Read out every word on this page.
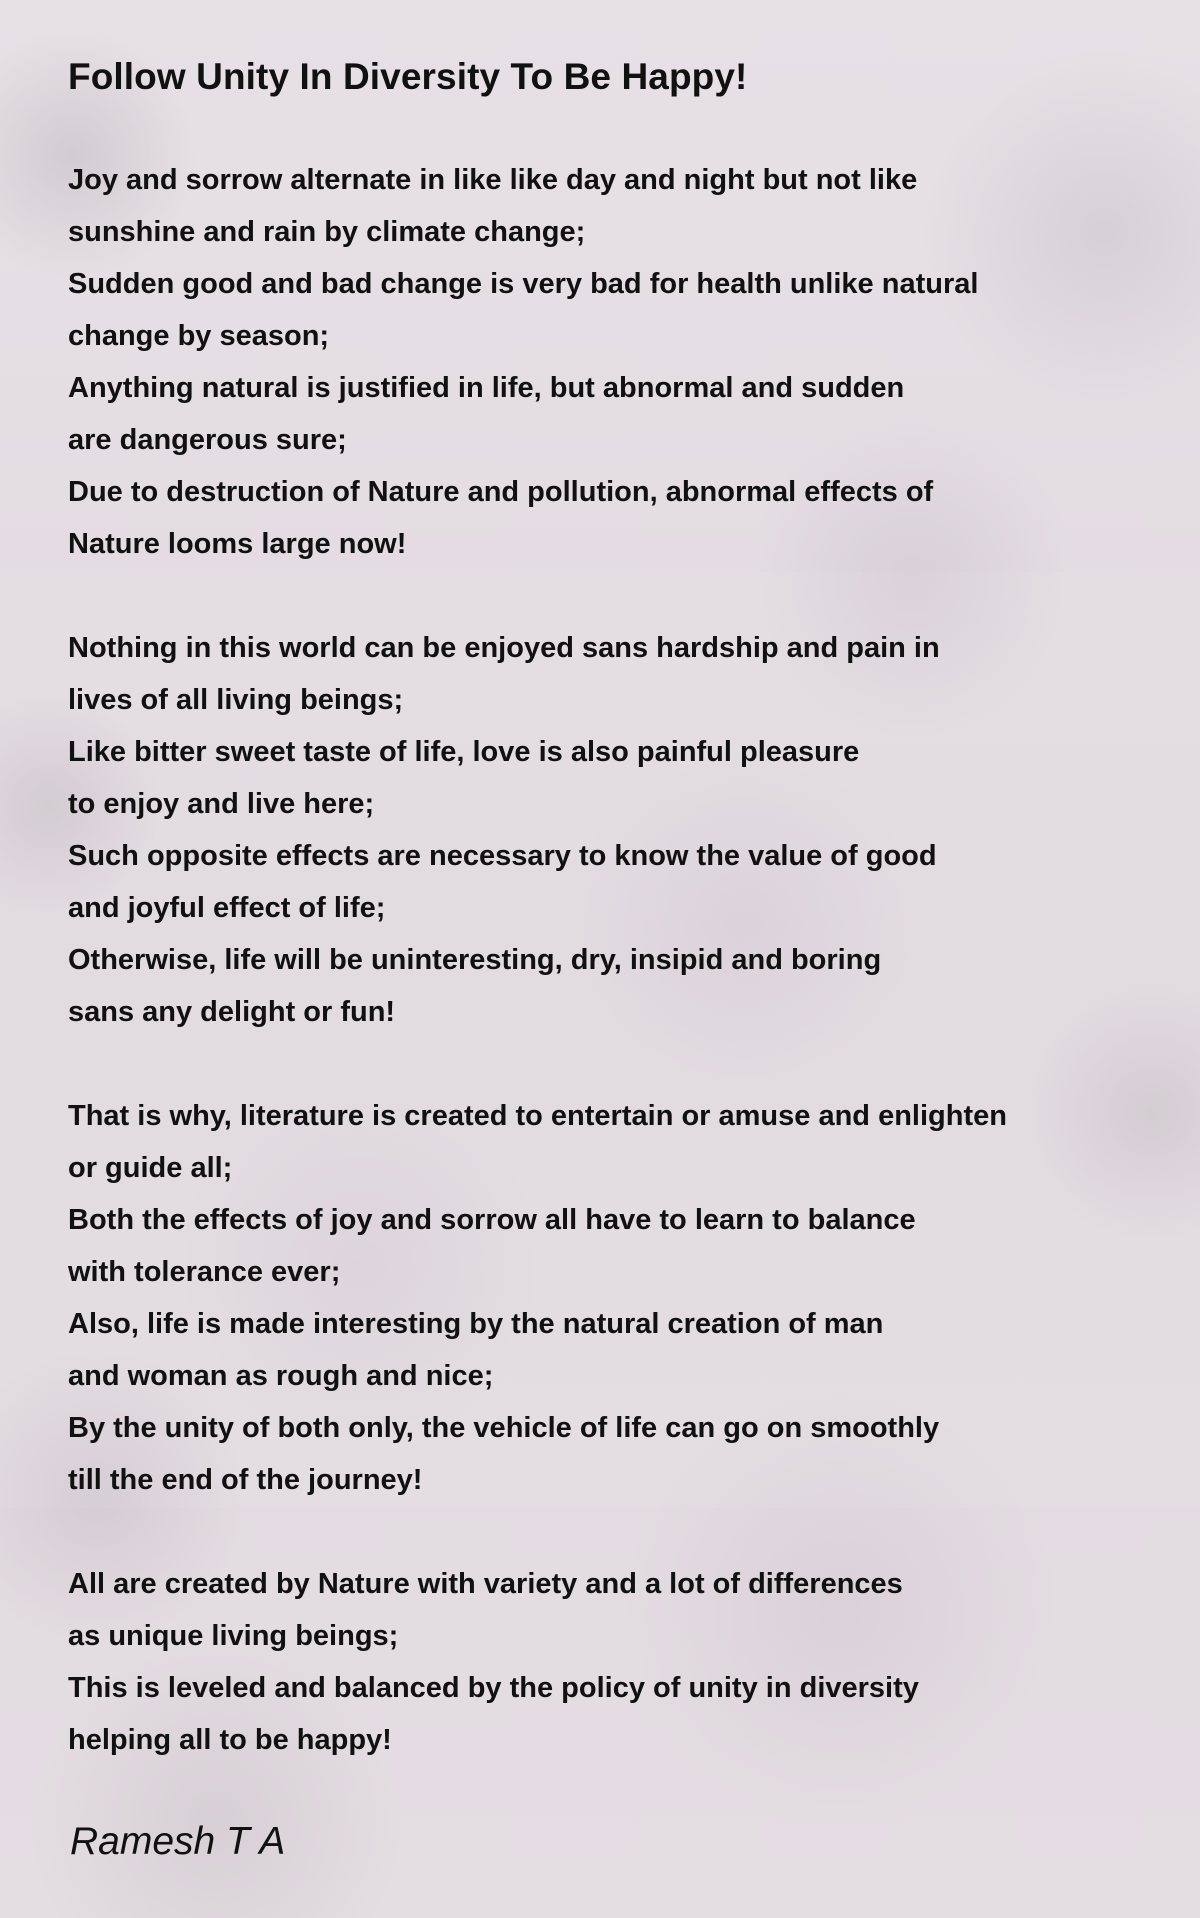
Follow Unity In Diversity To Be Happy!

Joy and sorrow alternate in like like day and night but not like
sunshine and rain by climate change;
Sudden good and bad change is very bad for health unlike natural
change by season;
Anything natural is justified in life, but abnormal and sudden
are dangerous sure;
Due to destruction of Nature and pollution, abnormal effects of
Nature looms large now!

Nothing in this world can be enjoyed sans hardship and pain in
lives of all living beings;
Like bitter sweet taste of life, love is also painful pleasure
to enjoy and live here;
Such opposite effects are necessary to know the value of good
and joyful effect of life;
Otherwise, life will be uninteresting, dry, insipid and boring
sans any delight or fun!

That is why, literature is created to entertain or amuse and enlighten
or guide all;
Both the effects of joy and sorrow all have to learn to balance
with tolerance ever;
Also, life is made interesting by the natural creation of man
and woman as rough and nice;
By the unity of both only, the vehicle of life can go on smoothly
till the end of the journey!

All are created by Nature with variety and a lot of differences
as unique living beings;
This is leveled and balanced by the policy of unity in diversity
helping all to be happy!

Ramesh T A
